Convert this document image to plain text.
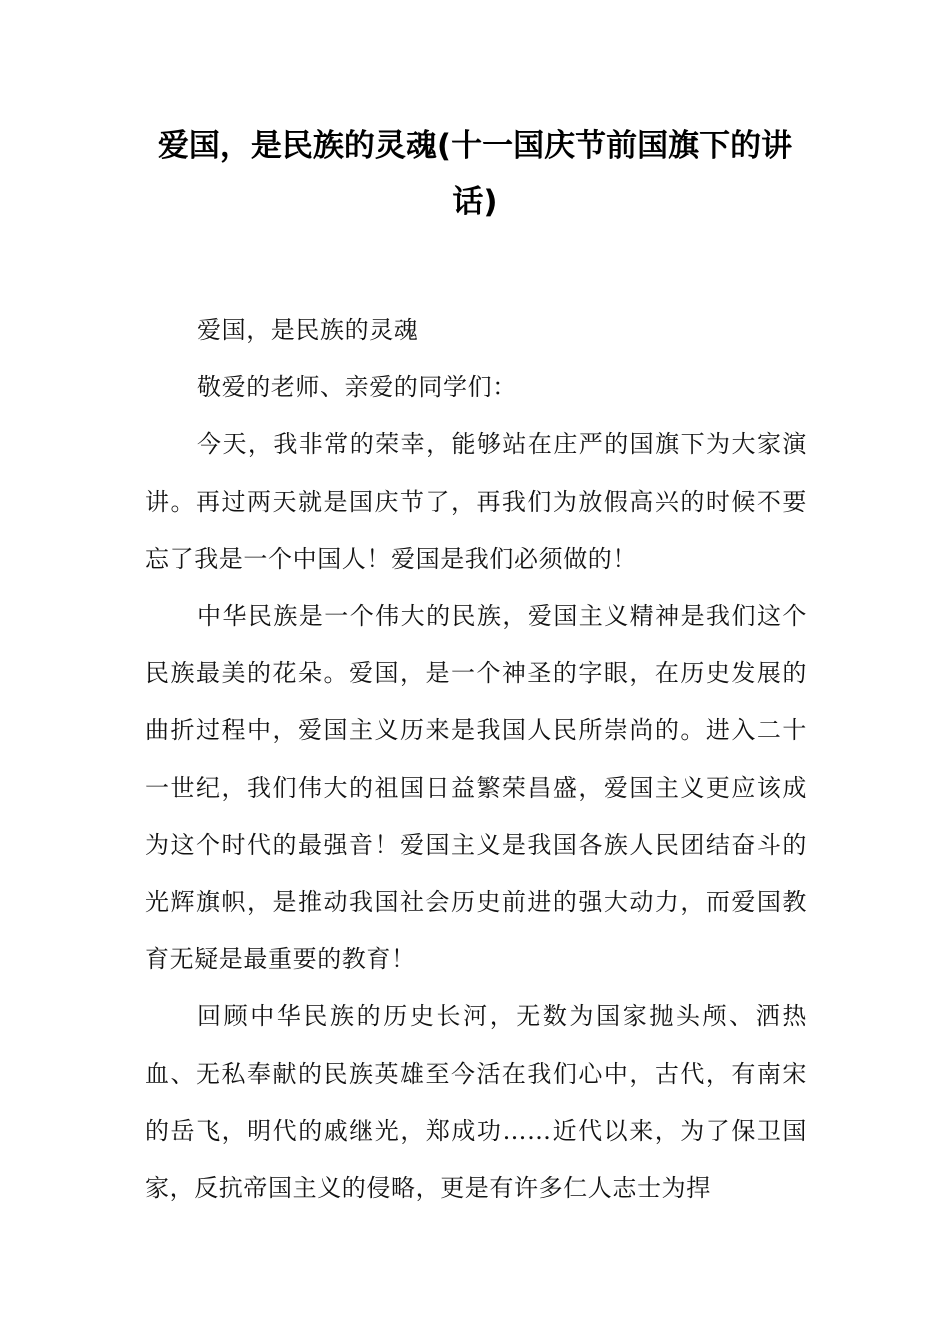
爱国，是民族的灵魂(十一国庆节前国旗下的讲话)

爱国，是民族的灵魂

敬爱的老师、亲爱的同学们：

今天，我非常的荣幸，能够站在庄严的国旗下为大家演讲。再过两天就是国庆节了，再我们为放假高兴的时候不要忘了我是一个中国人！爱国是我们必须做的！

中华民族是一个伟大的民族，爱国主义精神是我们这个民族最美的花朵。爱国，是一个神圣的字眼，在历史发展的曲折过程中，爱国主义历来是我国人民所崇尚的。进入二十一世纪，我们伟大的祖国日益繁荣昌盛，爱国主义更应该成为这个时代的最强音！爱国主义是我国各族人民团结奋斗的光辉旗帜，是推动我国社会历史前进的强大动力，而爱国教育无疑是最重要的教育！

回顾中华民族的历史长河，无数为国家抛头颅、洒热血、无私奉献的民族英雄至今活在我们心中，古代，有南宋的岳飞，明代的戚继光，郑成功……近代以来，为了保卫国家，反抗帝国主义的侵略，更是有许多仁人志士为捍
